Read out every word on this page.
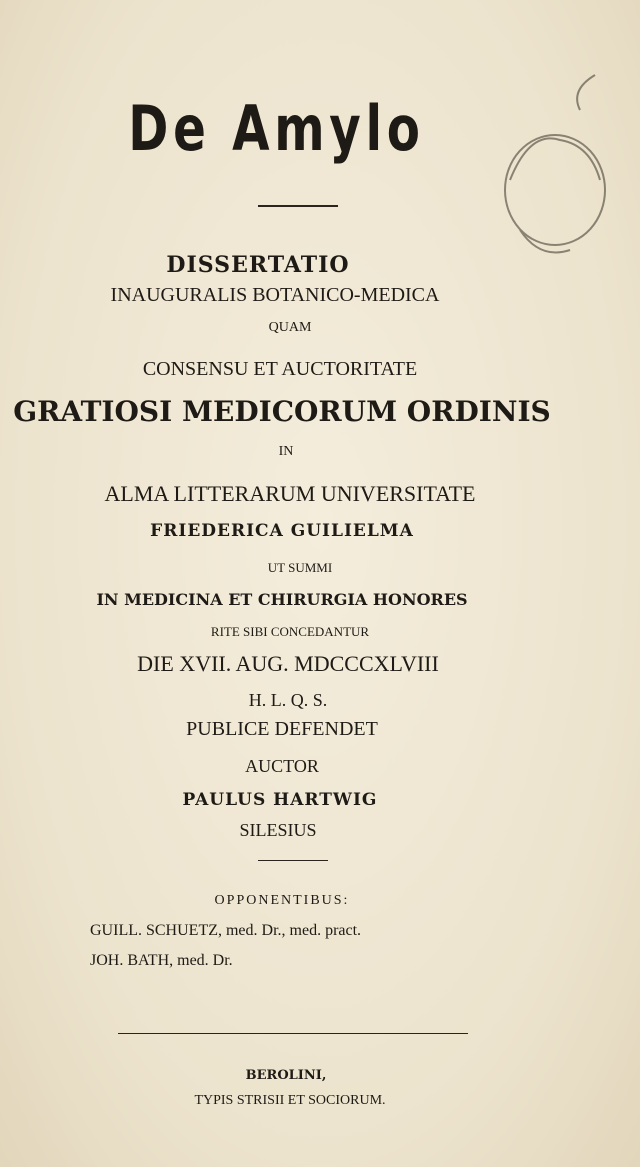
De Amylo
DISSERTATIO
INAUGURALIS BOTANICO-MEDICA
QUAM
CONSENSU ET AUCTORITATE
GRATIOSI MEDICORUM ORDINIS
IN
ALMA LITTERARUM UNIVERSITATE
FRIEDERICA GUILIELMA
UT SUMMI
IN MEDICINA ET CHIRURGIA HONORES
RITE SIBI CONCEDANTUR
DIE XVII. AUG. MDCCCXLVIII
H. L. Q. S.
PUBLICE DEFENDET
AUCTOR
PAULUS HARTWIG
SILESIUS
OPPONENTIBUS:
GUILL. SCHUETZ, med. Dr., med. pract.
JOH. BATH, med. Dr.
BEROLINI,
TYPIS STRISII ET SOCIORUM.
